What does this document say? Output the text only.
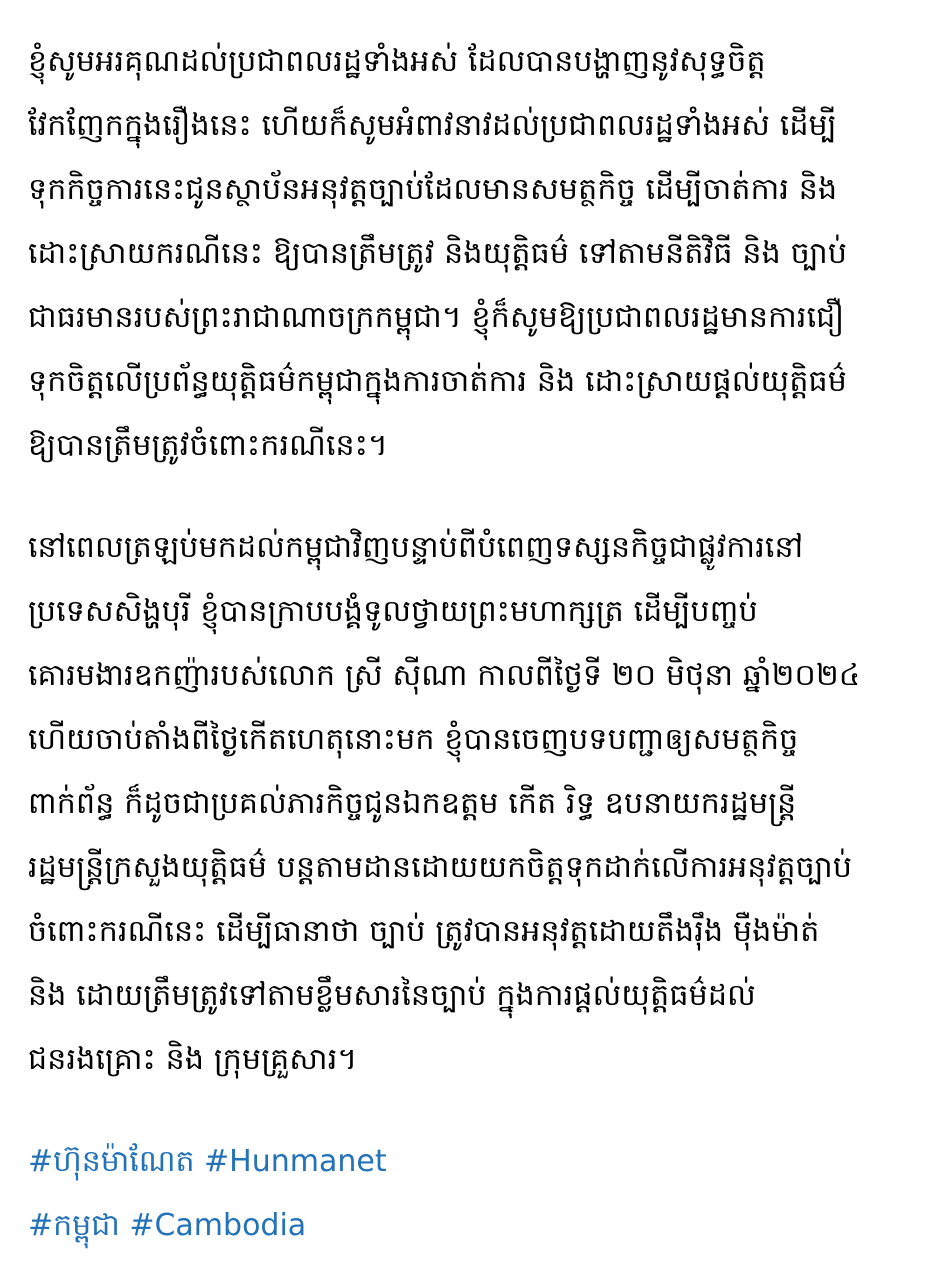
ខ្ញុំសូមអរគុណដល់ប្រជាពលរដ្ឋទាំងអស់ ដែលបានបង្ហាញនូវសុទ្ធចិត្ត
វែកញែកក្នុងរឿងនេះ ហើយក៏សូមអំពាវនាវដល់ប្រជាពលរដ្ឋទាំងអស់ ដើម្បី
ទុកកិច្ចការនេះជូនស្ថាប័នអនុវត្តច្បាប់ដែលមានសមត្ថកិច្ច ដើម្បីចាត់ការ និង
ដោះស្រាយករណីនេះ ឱ្យបានត្រឹមត្រូវ និងយុត្តិធម៌ ទៅតាមនីតិវិធី និង ច្បាប់
ជាធរមានរបស់ព្រះរាជាណាចក្រកម្ពុជា។ ខ្ញុំក៏សូមឱ្យប្រជាពលរដ្ឋមានការជឿ
ទុកចិត្តលើប្រព័ន្ធយុត្តិធម៌កម្ពុជាក្នុងការចាត់ការ និង ដោះស្រាយផ្តល់យុត្តិធម៌
ឱ្យបានត្រឹមត្រូវចំពោះករណីនេះ។
នៅពេលត្រឡប់មកដល់កម្ពុជាវិញបន្ទាប់ពីបំពេញទស្សនកិច្ចជាផ្លូវការនៅ
ប្រទេសសិង្ហបុរី ខ្ញុំបានក្រាបបង្គំទូលថ្វាយព្រះមហាក្សត្រ ដើម្បីបញ្ចប់
គោរមងារឧកញ៉ារបស់លោក ស្រី ស៊ីណា កាលពីថ្ងៃទី ២០ មិថុនា ឆ្នាំ២០២៤
ហើយចាប់តាំងពីថ្ងៃកើតហេតុនោះមក ខ្ញុំបានចេញបទបញ្ជាឲ្យសមត្ថកិច្ច
ពាក់ព័ន្ធ ក៏ដូចជាប្រគល់ភារកិច្ចជូនឯកឧត្តម កើត រិទ្ធ ឧបនាយករដ្ឋមន្ត្រី
រដ្ឋមន្ត្រីក្រសួងយុត្តិធម៌ បន្តតាមដានដោយយកចិត្តទុកដាក់លើការអនុវត្តច្បាប់
ចំពោះករណីនេះ ដើម្បីធានាថា ច្បាប់ ត្រូវបានអនុវត្តដោយតឹងរ៉ឹង ម៉ឺងម៉ាត់
និង ដោយត្រឹមត្រូវទៅតាមខ្លឹមសារនៃច្បាប់ ក្នុងការផ្តល់យុត្តិធម៌ដល់
ជនរងគ្រោះ និង ក្រុមគ្រួសារ។
#ហ៊ុនម៉ាណែត #Hunmanet
#កម្ពុជា #Cambodia
